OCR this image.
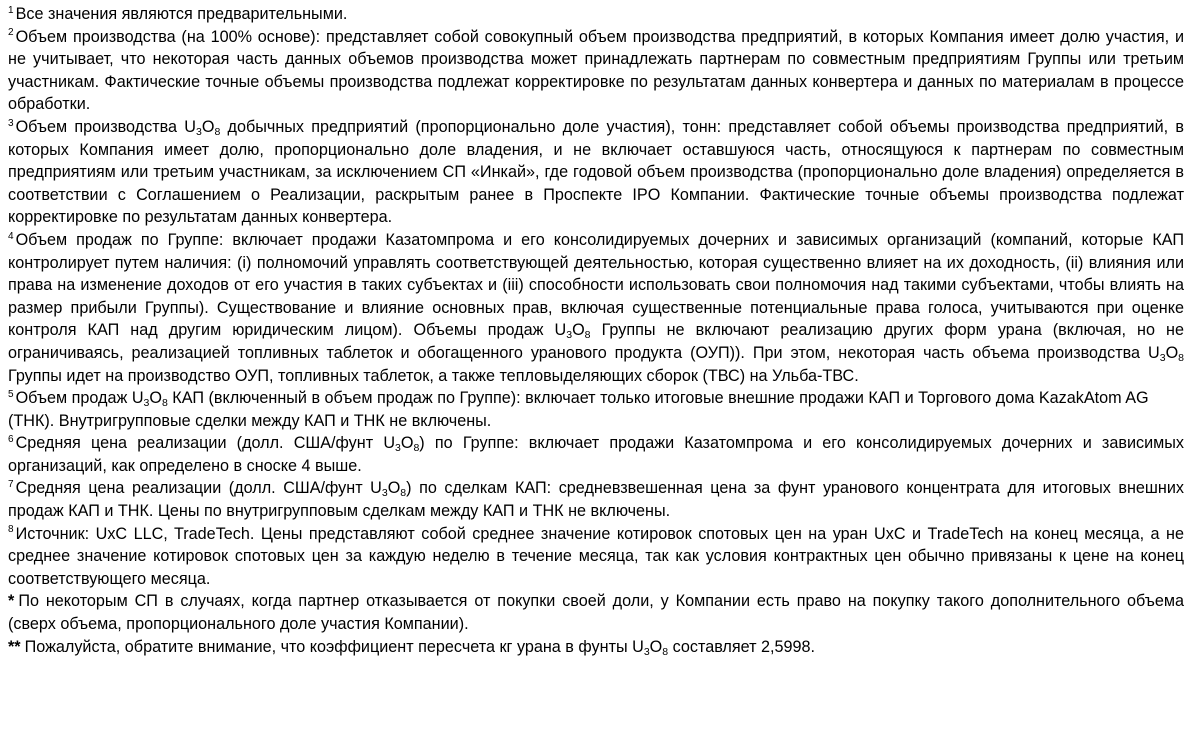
$^1$ Все значения являются предварительными.

$^2$ Объем производства (на 100% основе): представляет собой совокупный объем производства предприятий, в которых Компания имеет долю участия, и не учитывает, что некоторая часть данных объемов производства может принадлежать партнерам по совместным предприятиям Группы или третьим участникам. Фактические точные объемы производства подлежат корректировке по результатам данных конвертера и данных по материалам в процессе обработки.

$^3$ Объем производства $U_3O_8$ добычных предприятий (пропорционально доле участия), тонн: представляет собой объемы производства предприятий, в которых Компания имеет долю, пропорционально доле владения, и не включает оставшуюся часть, относящуюся к партнерам по совместным предприятиям или третьим участникам, за исключением СП «Инкай», где годовой объем производства (пропорционально доле владения) определяется в соответствии с Соглашением о Реализации, раскрытым ранее в Проспекте IPO Компании. Фактические точные объемы производства подлежат корректировке по результатам данных конвертера.

$^4$ Объем продаж по Группе: включает продажи Казатомпрома и его консолидируемых дочерних и зависимых организаций (компаний, которые КАП контролирует путем наличия: (i) полномочий управлять соответствующей деятельностью, которая существенно влияет на их доходность, (ii) влияния или права на изменение доходов от его участия в таких субъектах и (iii) способности использовать свои полномочия над такими субъектами, чтобы влиять на размер прибыли Группы). Существование и влияние основных прав, включая существенные потенциальные права голоса, учитываются при оценке контроля КАП над другим юридическим лицом). Объемы продаж $U_3O_8$ Группы не включают реализацию других форм урана (включая, но не ограничиваясь, реализацией топливных таблеток и обогащенного уранового продукта (ОУП)). При этом, некоторая часть объема производства $U_3O_8$ Группы идет на производство ОУП, топливных таблеток, а также тепловыделяющих сборок (ТВС) на Ульба-ТВС.

$^5$ Объем продаж $U_3O_8$ КАП (включенный в объем продаж по Группе): включает только итоговые внешние продажи КАП и Торгового дома KazakAtom AG (ТНК). Внутригрупповые сделки между КАП и ТНК не включены.

$^6$ Средняя цена реализации (долл. США/фунт $U_3O_8$) по Группе: включает продажи Казатомпрома и его консолидируемых дочерних и зависимых организаций, как определено в сноске 4 выше.

$^7$ Средняя цена реализации (долл. США/фунт $U_3O_8$) по сделкам КАП: средневзвешенная цена за фунт уранового концентрата для итоговых внешних продаж КАП и ТНК. Цены по внутригрупповым сделкам между КАП и ТНК не включены.

$^8$ Источник: UxC LLC, TradeTech. Цены представляют собой среднее значение котировок спотовых цен на уран UxC и TradeTech на конец месяца, а не среднее значение котировок спотовых цен за каждую неделю в течение месяца, так как условия контрактных цен обычно привязаны к цене на конец соответствующего месяца.

* По некоторым СП в случаях, когда партнер отказывается от покупки своей доли, у Компании есть право на покупку такого дополнительного объема (сверх объема, пропорционального доле участия Компании).

** Пожалуйста, обратите внимание, что коэффициент пересчета кг урана в фунты $U_3O_8$ составляет 2,5998.
